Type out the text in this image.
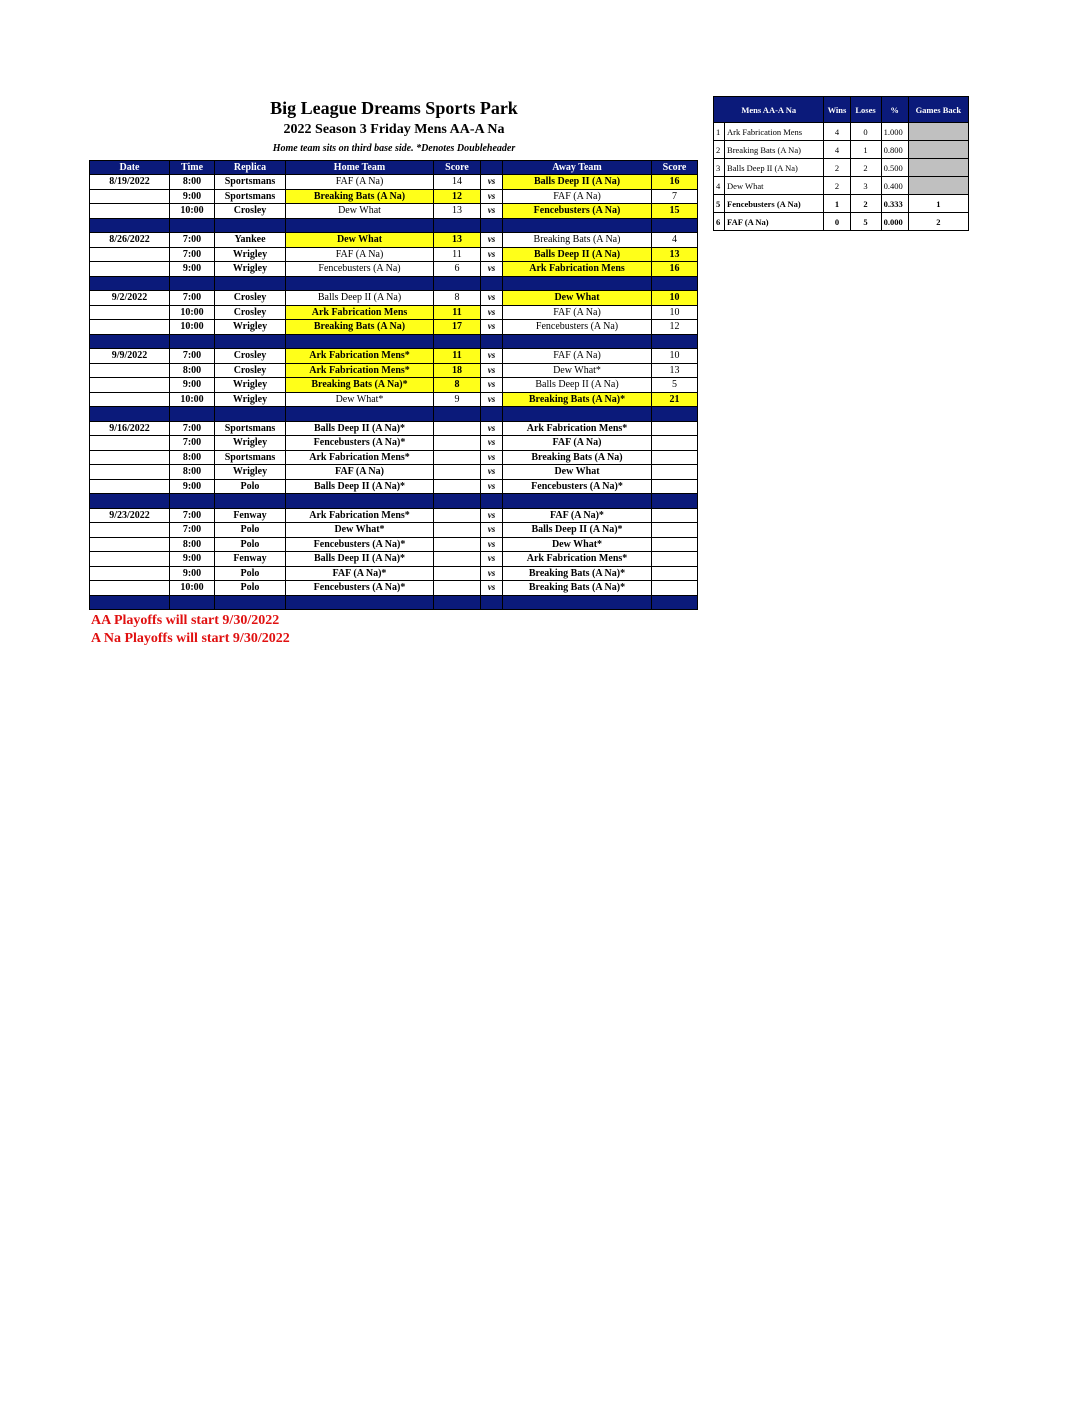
Big League Dreams Sports Park
2022 Season 3 Friday Mens AA-A Na
Home team sits on third base side. *Denotes Doubleheader
Date	Time	Replica	Home Team	Score		Away Team	Score
8/19/2022	8:00	Sportsmans	FAF (A Na)	14	vs	Balls Deep II (A Na)	16
	9:00	Sportsmans	Breaking Bats (A Na)	12	vs	FAF (A Na)	7
	10:00	Crosley	Dew What	13	vs	Fencebusters (A Na)	15

8/26/2022	7:00	Yankee	Dew What	13	vs	Breaking Bats (A Na)	4
	7:00	Wrigley	FAF (A Na)	11	vs	Balls Deep II (A Na)	13
	9:00	Wrigley	Fencebusters (A Na)	6	vs	Ark Fabrication Mens	16

9/2/2022	7:00	Crosley	Balls Deep II (A Na)	8	vs	Dew What	10
	10:00	Crosley	Ark Fabrication Mens	11	vs	FAF (A Na)	10
	10:00	Wrigley	Breaking Bats (A Na)	17	vs	Fencebusters (A Na)	12

9/9/2022	7:00	Crosley	Ark Fabrication Mens*	11	vs	FAF (A Na)	10
	8:00	Crosley	Ark Fabrication Mens*	18	vs	Dew What*	13
	9:00	Wrigley	Breaking Bats (A Na)*	8	vs	Balls Deep II (A Na)	5
	10:00	Wrigley	Dew What*	9	vs	Breaking Bats (A Na)*	21

9/16/2022	7:00	Sportsmans	Balls Deep II (A Na)*		vs	Ark Fabrication Mens*	
	7:00	Wrigley	Fencebusters (A Na)*		vs	FAF (A Na)	
	8:00	Sportsmans	Ark Fabrication Mens*		vs	Breaking Bats (A Na)	
	8:00	Wrigley	FAF (A Na)		vs	Dew What	
	9:00	Polo	Balls Deep II (A Na)*		vs	Fencebusters (A Na)*	

9/23/2022	7:00	Fenway	Ark Fabrication Mens*		vs	FAF (A Na)*	
	7:00	Polo	Dew What*		vs	Balls Deep II (A Na)*	
	8:00	Polo	Fencebusters (A Na)*		vs	Dew What*	
	9:00	Fenway	Balls Deep II (A Na)*		vs	Ark Fabrication Mens*	
	9:00	Polo	FAF (A Na)*		vs	Breaking Bats (A Na)*	
	10:00	Polo	Fencebusters (A Na)*		vs	Breaking Bats (A Na)*	

Mens AA-A Na		Wins	Loses	%	Games Back
1	Ark Fabrication Mens	4	0	1.000	
2	Breaking Bats (A Na)	4	1	0.800	
3	Balls Deep II (A Na)	2	2	0.500	
4	Dew What	2	3	0.400	
5	Fencebusters (A Na)	1	2	0.333	1
6	FAF (A Na)	0	5	0.000	2
AA Playoffs will start 9/30/2022
A Na Playoffs will start 9/30/2022
